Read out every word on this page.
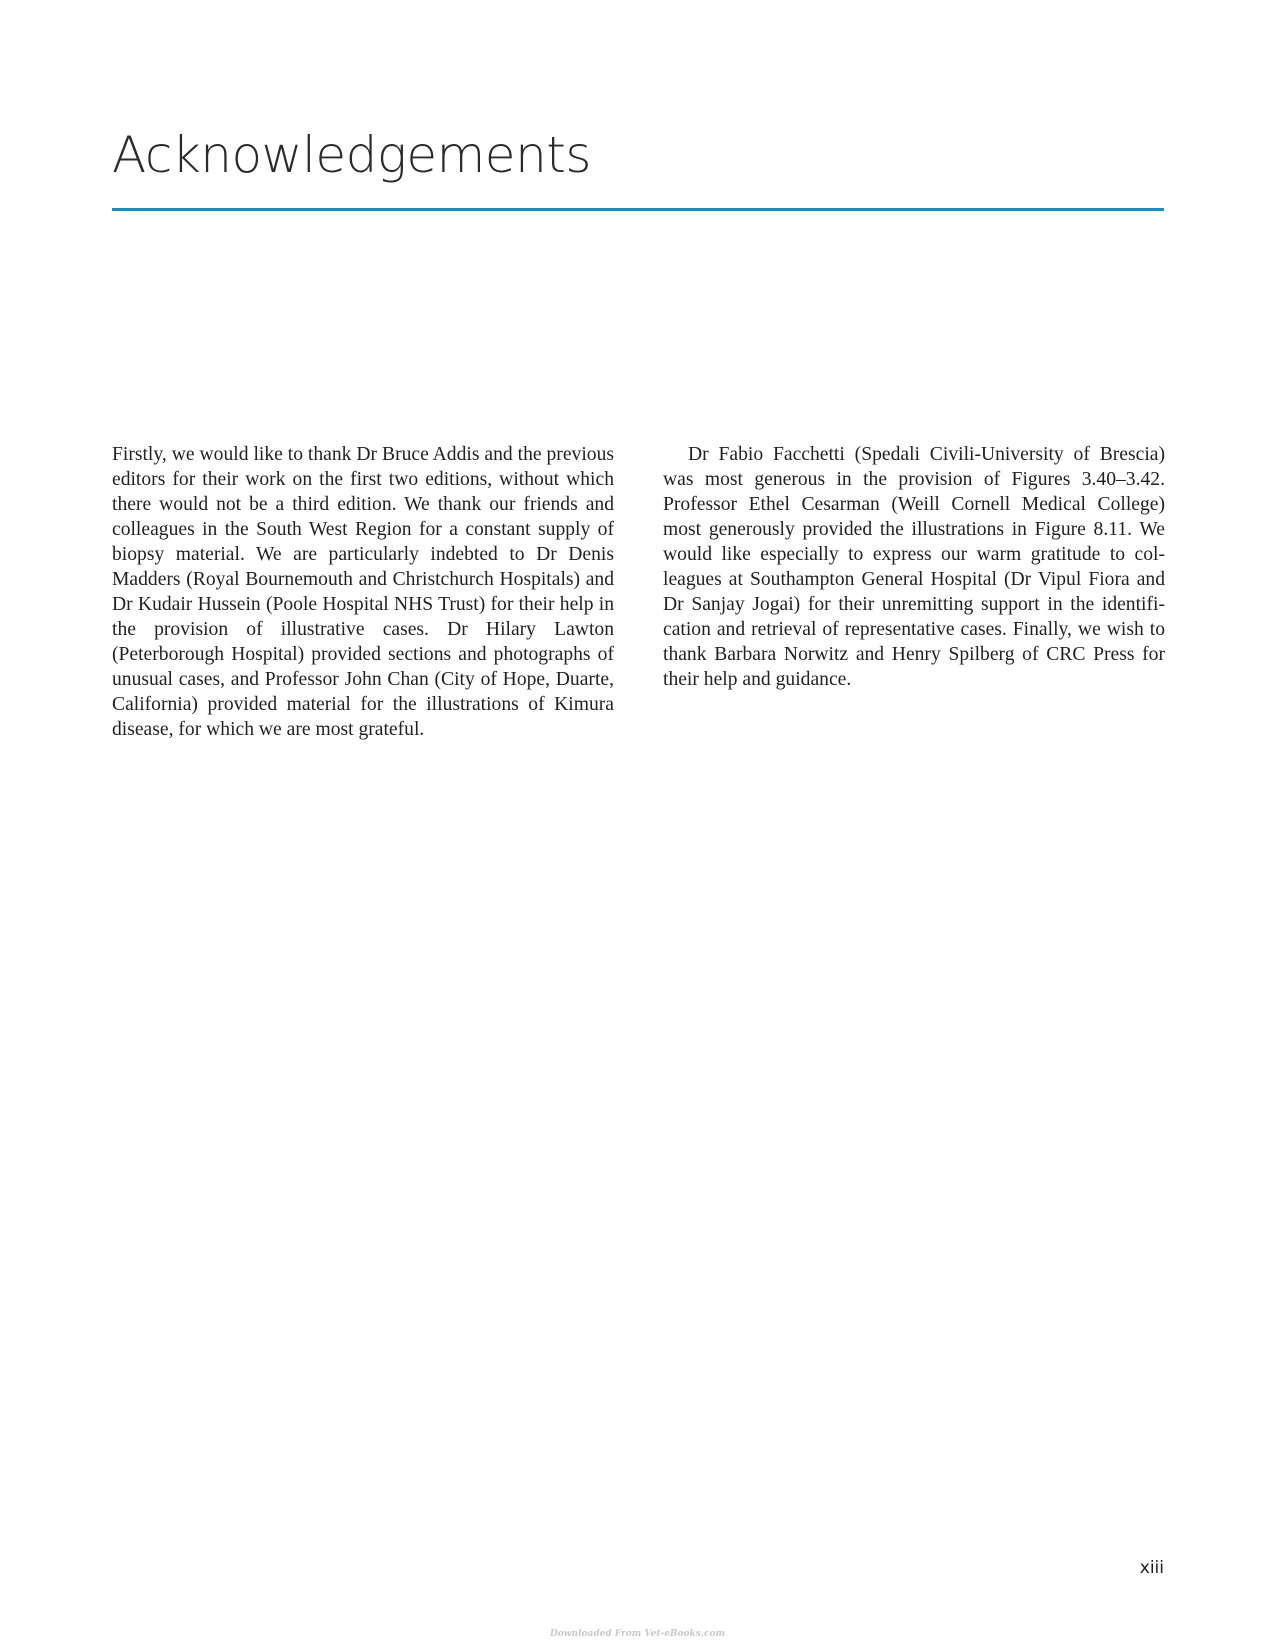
Acknowledgements

Firstly, we would like to thank Dr Bruce Addis and the previous editors for their work on the first two editions, without which there would not be a third edition. We thank our friends and colleagues in the South West Region for a constant supply of biopsy material. We are particularly indebted to Dr Denis Madders (Royal Bournemouth and Christchurch Hospitals) and Dr Kudair Hussein (Poole Hospital NHS Trust) for their help in the provision of illustrative cases. Dr Hilary Lawton (Peterborough Hospital) provided sections and photographs of unusual cases, and Professor John Chan (City of Hope, Duarte, California) provided material for the illustrations of Kimura disease, for which we are most grateful.

Dr Fabio Facchetti (Spedali Civili-University of Brescia) was most generous in the provision of Figures 3.40–3.42. Professor Ethel Cesarman (Weill Cornell Medical College) most generously provided the illustrations in Figure 8.11. We would like especially to express our warm gratitude to colleagues at Southampton General Hospital (Dr Vipul Fiora and Dr Sanjay Jogai) for their unremitting support in the identification and retrieval of representative cases. Finally, we wish to thank Barbara Norwitz and Henry Spilberg of CRC Press for their help and guidance.

xiii
Downloaded From Vet-eBooks.com
